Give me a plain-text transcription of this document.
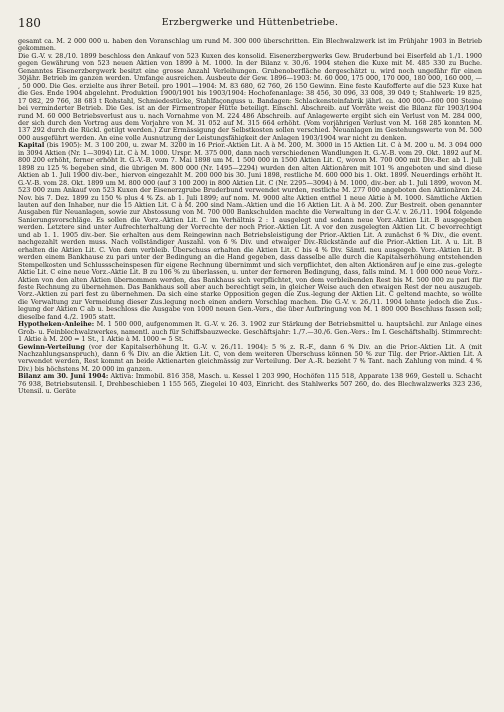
180	Erzbergwerke und Hüttenbetriebe.

gesamt ca. M. 2 000 000 u. haben den Voranschlag um rund M. 300 000 überschritten. Ein Blechwalzwerk ist im Frühjahr 1903 in Betrieb gekommen.

Die G.-V. v. 28./10. 1899 beschloss den Ankauf von 523 Kuxen des konsolid. Eisenerzbergwerks Gew. Bruderbund bei Eiserfeld ab 1./1. 1900 gegen Gewährung von 523 neuen Aktien von 1899 à M. 1000. In der Bilanz v. 30./6. 1904 stehen die Kuxe mit M. 485 330 zu Buche. Genanntes Eisenerzbergwerk besitzt eine grosse Anzahl Verleihungen. Grubenoberfläche dergeschätzt u. wird noch ungefähr für einen 30jähr. Betrieb im ganzen werden. Umfange ausreichen. Ausbeute der Gew. 1896—1903: M. 60 000, 175 000, 170 000, 180 000, 160 000, — , 50 000. Die Ges. erzielte aus ihrer Beteil. pro 1901—1904: M. 83 680, 62 760, 26 150 Gewinn. Eine feste Kaufofferte auf die 523 Kuxe hat die Ges. Ende 1904 abgelehnt. Produktion 1900/1901 bis 1903/1904: Hochofenanlage: 38 456, 30 096, 33 008, 39 049 t; Stahlwerk: 19 825, 17 082, 29 766, 38 683 t Rohstahl, Schmiedestücke, Stahlfaçonguss u. Bandagen: Schlackensteinfabrik jährl. ca. 400 000—600 000 Steine bei verminderter Betrieb. Die Ges. ist an der Firmentroper Hütte beteiligt. Einschl. Abschreib. auf Vorräte weist die Bilanz für 1903/1904 rund M. 60 000 Betriebsverlust aus u. nach Vornahme von M. 224 486 Abschreib. auf Anlagewerte ergibt sich ein Verlust von M. 284 000, der sich durch den Vortrag aus dem Vorjahre von M. 31 052 auf M. 315 664 erhöht. (Vom vorjährigen Verlust von M. 168 285 konnten M. 137 292 durch die Rückl. getilgt werden.) Zur Ermässigung der Selbstkosten sollen verschied. Neuanlagen im Gestehungswerte von M. 500 000 ausgeführt werden. An eine volle Ausnutzung der Leistungsfähigkeit der Anlagen 1903/1904 war nicht zu denken.

Kapital (bis 1905): M. 3 100 200, u. zwar M. 3200 in 16 Prior.-Aktien Lit. A à M. 200, M. 3000 in 15 Aktien Lit. C à M. 200 u. M. 3 094 000 in 3094 Aktien (Nr. 1—3094) Lit. C à M. 1000. Urspr. M. 375 000, dann nach verschiedenen Wandlungen lt. G.-V.-B. vom 29. Okt. 1892 auf M. 800 200 erhöht, ferner erhöht lt. G.-V.-B. vom 7. Mai 1898 um M. 1 500 000 in 1500 Aktien Lit. C, wovon M. 700 000 mit Div.-Ber. ab 1. Juli 1898 zu 125 % begeben sind, die übrigen M. 800 000 (Nr. 1495—2294) wurden den alten Aktionären mit 101 % angeboten und sind diese Aktien ab 1. Juli 1900 div.-ber., hiervon eingezahlt M. 200 000 bis 30. Juni 1898, restliche M. 600 000 bis 1. Okt. 1899. Neuerdings erhöht lt. G.-V.-B. vom 28. Okt. 1899 um M. 800 000 (auf 3 100 200) in 800 Aktien Lit. C (Nr. 2295—3094) à M. 1000, div.-ber. ab 1. Juli 1899, wovon M. 523 000 zum Ankauf von 523 Kuxen der Eisenerzgrube Bruderbund verwendet wurden, restliche M. 277 000 angeboten den Aktionären 24. Nov. bis 7. Dez. 1899 zu 150 % plus 4 % Zs. ab 1. Juli 1899; auf nom. M. 9000 alte Aktien entfiel 1 neue Aktie à M. 1000. Sämtliche Aktien lauten auf den Inhaber, nur die 15 Aktien Lit. C à M. 200 sind Nam.-Aktien und die 16 Aktien Lit. A à M. 200. Zur Bestreit. oben genannter Ausgaben für Neuanlagen, sowie zur Abstossung von M. 700 000 Bankschulden machte die Verwaltung in der G.-V. v. 26./11. 1904 folgende Sanierungsvorschläge. Es sollen die Vorz.-Aktien Lit. C im Verhältnis 2 : 1 ausgelegt und sodann neue Vorz.-Aktien Lit. B ausgegeben werden. Letztere sind unter Aufrechterhaltung der Vorrechte der noch Prior.-Aktien Lit. A vor den zusgelegten Aktien Lit. C bevorrechtigt und ab 1. 1. 1905 div.-ber. Sie erhalten aus dem Reingewinn nach Betriebsleistigung der Prior.-Aktien Lit. A zunächst 6 % Div., die event. nachgezahlt werden muss. Nach vollständiger Auszahl. von 6 % Div. und etwaiger Div.-Rückstände auf die Prior.-Aktien Lit. A u. Lit. B erhalten die Aktien Lit. C. Von dem verbleib. Überschuss erhalten die Aktien Lit. C bis 4 % Div. Sämtl. neu ausgegeb. Vorz.-Aktien Lit. B werden einem Bankhause zu pari unter der Bedingung an die Hand gegeben, dass dasselbe alle durch die Kapitalserhöhung entstehenden Stempelkosten und Schlussscheinspesen für eigene Rechnung übernimmt und sich verpflichtet, den alten Aktionären auf je eine zus.-gelegte Aktie Lit. C eine neue Vorz.-Aktie Lit. B zu 106 % zu überlassen, u. unter der ferneren Bedingung, dass, falls mind. M. 1 000 000 neue Vorz.-Aktien von den alten Aktien übernommen werden, das Bankhaus sich verpflichtet, von dem verbleibenden Rest bis M. 500 000 zu pari für feste Rechnung zu übernehmen. Das Bankhaus soll aber auch berechtigt sein, in gleicher Weise auch den etwaigen Rest der neu auszugeb. Vorz.-Aktien zu pari fest zu übernehmen. Da sich eine starke Opposition gegen die Zus.-legung der Aktien Lit. C geltend machte, so wollte die Verwaltung zur Vermeidung dieser Zus.legung noch einen andern Vorschlag machen. Die G.-V. v. 26./11. 1904 lehnte jedoch die Zus.-legung der Aktien C ab u. beschloss die Ausgabe von 1000 neuen Gen.-Vers., die über Aufbringung von M. 1 800 000 Beschluss fassen soll; dieselbe fand 4./2. 1905 statt.

Hypotheken-Anleihe: M. 1 500 000, aufgenommen lt. G.-V. v. 26. 3. 1902 zur Stärkung der Betriebsmittel u. hauptsächl. zur Anlage eines Grob- u. Feinblechwalzwerkes, namentl. auch für Schiffsbauzwecke. Geschäftsjahr: 1./7.—30./6. Gen.-Vers.: Im I. Geschäftshalbj. Stimmrecht: 1 Aktie à M. 200 = 1 St., 1 Aktie à M. 1000 = 5 St.

Gewinn-Verteilung (vor der Kapitalserhöhung lt. G.-V. v. 26./11. 1904): 5 % z. R.-F., dann 6 % Div. an die Prior.-Aktien Lit. A (mit Nachzahlungsanspruch), dann 6 % Div. an die Aktien Lit. C, von dem weiteren Überschuss können 50 % zur Tilg. der Prior.-Aktien Lit. A verwendet werden, Rest kommt an beide Aktienarten gleichmässig zur Verteilung. Der A.-R. bezieht 7 % Tant. nach Zahlung von mind. 4 % Div.) bis höchstens M. 20 000 im ganzen.

Bilanz am 30. Juni 1904: Aktiva: Immobil. 816 358, Masch. u. Kessel 1 203 990, Hochöfen 115 518, Apparate 138 969, Gestell u. Schacht 76 938, Betriebsutensil. I, Drehbeschieben 1 155 565, Ziegelei 10 403, Einricht. des Stahlwerks 507 260, do. des Blechwalzwerks 323 236, Utensil. u. Geräte
